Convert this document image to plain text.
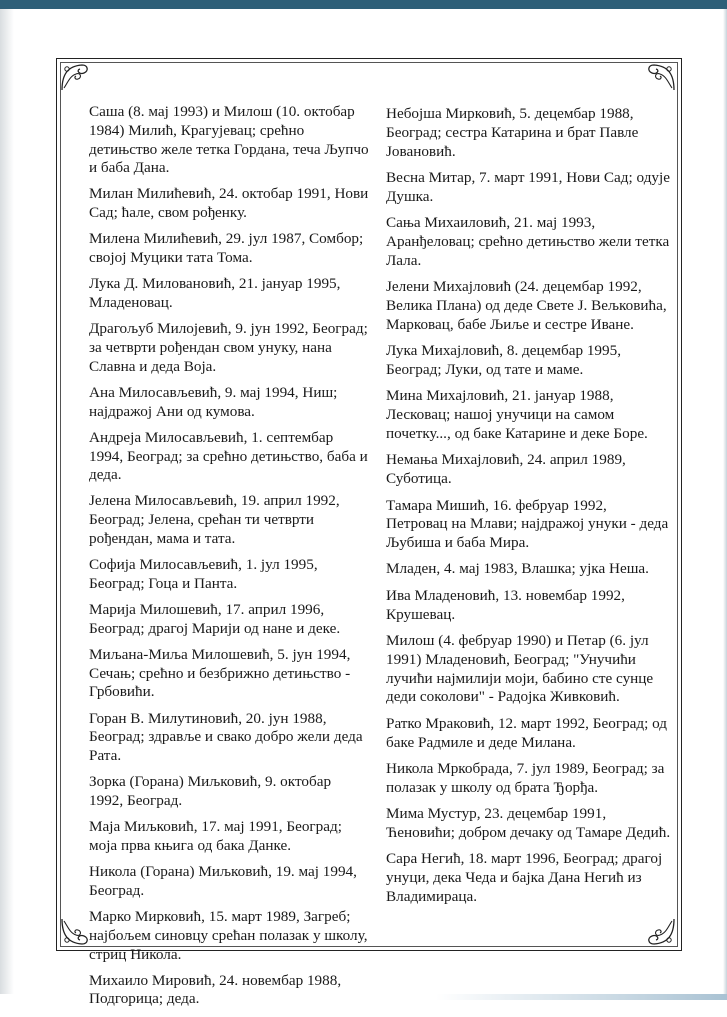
Саша (8. мај 1993) и Милош (10. октобар 1984) Милић, Крагујевац; срећно детињство желе тетка Гордана, теча Љупчо и баба Дана.

Милан Милићевић, 24. октобар 1991, Нови Сад; ћале, свом рођенку.

Милена Милићевић, 29. јул 1987, Сомбор; својој Муцики тата Тома.

Лука Д. Миловановић, 21. јануар 1995, Младеновац.

Драгољуб Милојевић, 9. јун 1992, Београд; за четврти рођендан свом унуку, нана Славна и деда Воја.

Ана Милосављевић, 9. мај 1994, Ниш; најдражој Ани од кумова.

Андреја Милосављевић, 1. септембар 1994, Београд; за срећно детињство, баба и деда.

Јелена Милосављевић, 19. април 1992, Београд; Јелена, срећан ти четврти рођендан, мама и тата.

Софија Милосављевић, 1. јул 1995, Београд; Гоца и Панта.

Марија Милошевић, 17. април 1996, Београд; драгој Марији од нане и деке.

Миљана-Миља Милошевић, 5. јун 1994, Сечањ; срећно и безбрижно детињство - Грбовићи.

Горан В. Милутиновић, 20. јун 1988, Београд; здравље и свако добро жели деда Рата.

Зорка (Горана) Миљковић, 9. октобар 1992, Београд.

Маја Миљковић, 17. мај 1991, Београд; моја прва књига од бака Данке.

Никола (Горана) Миљковић, 19. мај 1994, Београд.

Марко Мирковић, 15. март 1989, Загреб; најбољем синовцу срећан полазак у школу, стриц Никола.

Михаило Мировић, 24. новембар 1988, Подгорица; деда.

Небојша Мирковић, 5. децембар 1988, Београд; сестра Катарина и брат Павле Јовановић.

Весна Митар, 7. март 1991, Нови Сад; одује Душка.

Сања Михаиловић, 21. мај 1993, Аранђеловац; срећно детињство жели тетка Лала.

Јелени Михајловић (24. децембар 1992, Велика Плана) од деде Свете Ј. Вељковића, Марковац, бабе Љиље и сестре Иване.

Лука Михајловић, 8. децембар 1995, Београд; Луки, од тате и маме.

Мина Михајловић, 21. јануар 1988, Лесковац; нашој унучици на самом почетку..., од баке Катарине и деке Боре.

Немања Михајловић, 24. април 1989, Суботица.

Тамара Мишић, 16. фебруар 1992, Петровац на Млави; најдражој унуки - деда Љубиша и баба Мира.

Младен, 4. мај 1983, Влашка; ујка Неша.

Ива Младеновић, 13. новембар 1992, Крушевац.

Милош (4. фебруар 1990) и Петар (6. јул 1991) Младеновић, Београд; "Унучићи лучићи најмилији моји, бабино сте сунце деди соколови" - Радојка Живковић.

Ратко Мраковић, 12. март 1992, Београд; од баке Радмиле и деде Милана.

Никола Мркобрада, 7. јул 1989, Београд; за полазак у школу од брата Ђорђа.

Мима Мустур, 23. децембар 1991, Ћеновићи; добром дечаку од Тамаре Дедић.

Сара Негић, 18. март 1996, Београд; драгој унуци, дека Чеда и бајка Дана Негић из Владимираца.
